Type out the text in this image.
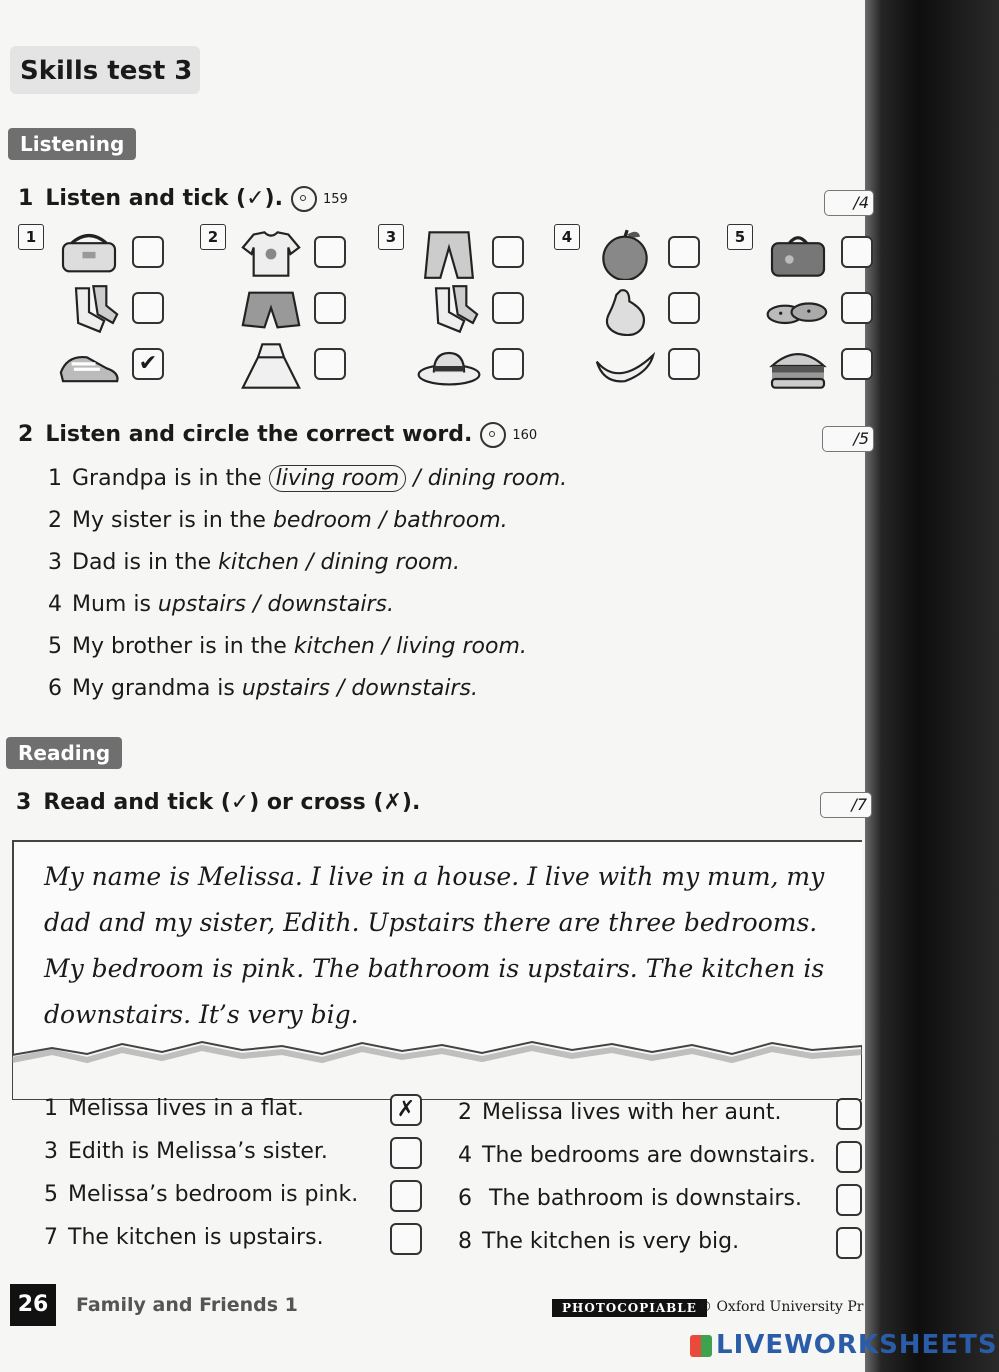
Skills test 3
Listening
1 Listen and tick (✓).	159	/4
1
✔
2	3	4	5
2 Listen and circle the correct word.	160	/5
1 Grandpa is in the living room / dining room.
2 My sister is in the bedroom / bathroom.
3 Dad is in the kitchen / dining room.
4 Mum is upstairs / downstairs.
5 My brother is in the kitchen / living room.
6 My grandma is upstairs / downstairs.
Reading
3 Read and tick (✓) or cross (✗).	/7

My name is Melissa. I live in a house. I live with my mum, my dad and my sister, Edith. Upstairs there are three bedrooms. My bedroom is pink. The bathroom is upstairs. The kitchen is downstairs. It’s very big.

1 Melissa lives in a flat.	✗
3 Edith is Melissa’s sister.
5 Melissa’s bedroom is pink.
7 The kitchen is upstairs.
2 Melissa lives with her aunt.
4 The bedrooms are downstairs.
6 The bathroom is downstairs.
8 The kitchen is very big.
26	Family and Friends 1	PHOTOCOPIABLE © Oxford University Pr
LIVEWORKSHEETS
